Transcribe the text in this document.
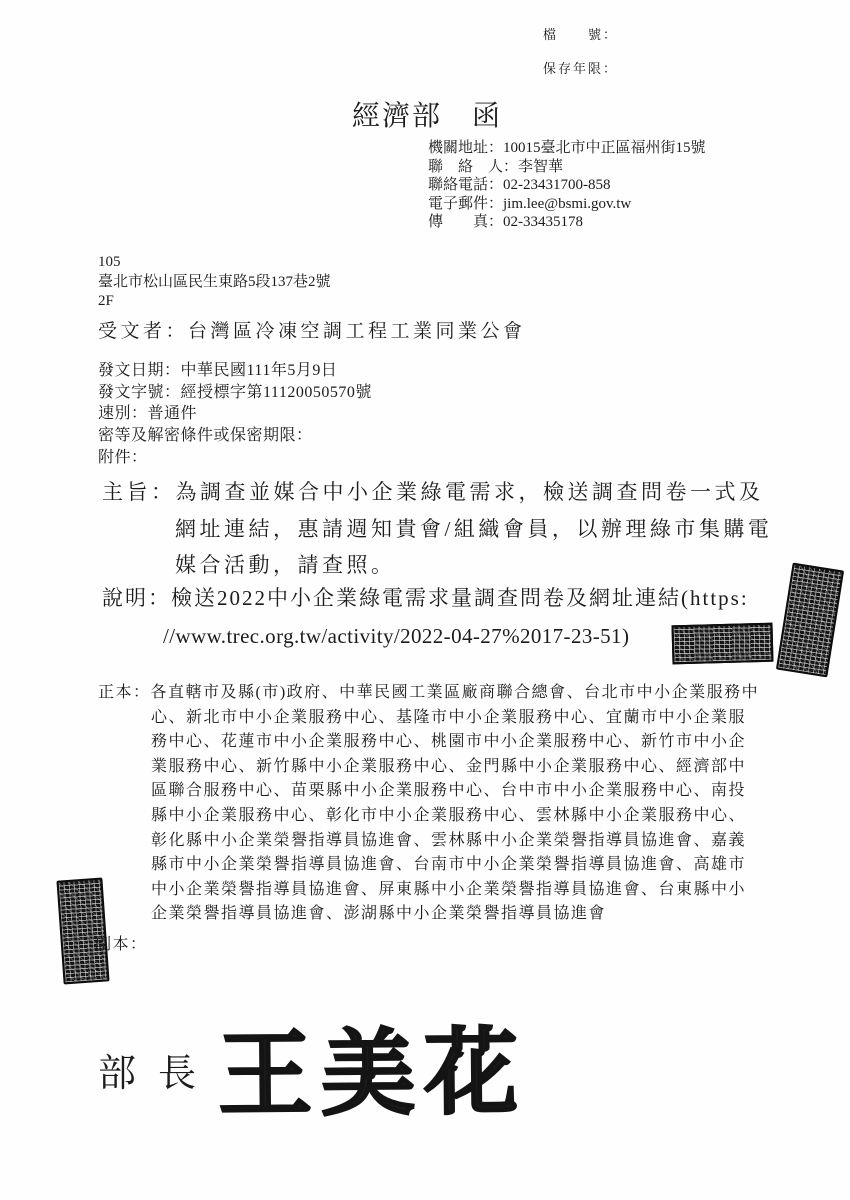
檔　　號：
保存年限：
經濟部　函
機關地址：10015臺北市中正區福州街15號
聯　絡　人：李智華
聯絡電話：02-23431700-858
電子郵件：jim.lee@bsmi.gov.tw
傳　　真：02-33435178
105
臺北市松山區民生東路5段137巷2號
2F
受文者：台灣區冷凍空調工程工業同業公會
發文日期：中華民國111年5月9日
發文字號：經授標字第11120050570號
速別：普通件
密等及解密條件或保密期限：
附件：
主旨：為調查並媒合中小企業綠電需求，檢送調查問卷一式及
網址連結，惠請週知貴會/組織會員，以辦理綠市集購電
媒合活動，請查照。
說明：檢送2022中小企業綠電需求量調查問卷及網址連結(https:
//www.trec.org.tw/activity/2022-04-27%2017-23-51)
正本：各直轄市及縣(市)政府、中華民國工業區廠商聯合總會、台北市中小企業服務中
心、新北市中小企業服務中心、基隆市中小企業服務中心、宜蘭市中小企業服
務中心、花蓮市中小企業服務中心、桃園市中小企業服務中心、新竹市中小企
業服務中心、新竹縣中小企業服務中心、金門縣中小企業服務中心、經濟部中
區聯合服務中心、苗栗縣中小企業服務中心、台中市中小企業服務中心、南投
縣中小企業服務中心、彰化市中小企業服務中心、雲林縣中小企業服務中心、
彰化縣中小企業榮譽指導員協進會、雲林縣中小企業榮譽指導員協進會、嘉義
縣市中小企業榮譽指導員協進會、台南市中小企業榮譽指導員協進會、高雄市
中小企業榮譽指導員協進會、屏東縣中小企業榮譽指導員協進會、台東縣中小
企業榮譽指導員協進會、澎湖縣中小企業榮譽指導員協進會
副本：
部長 王美花
